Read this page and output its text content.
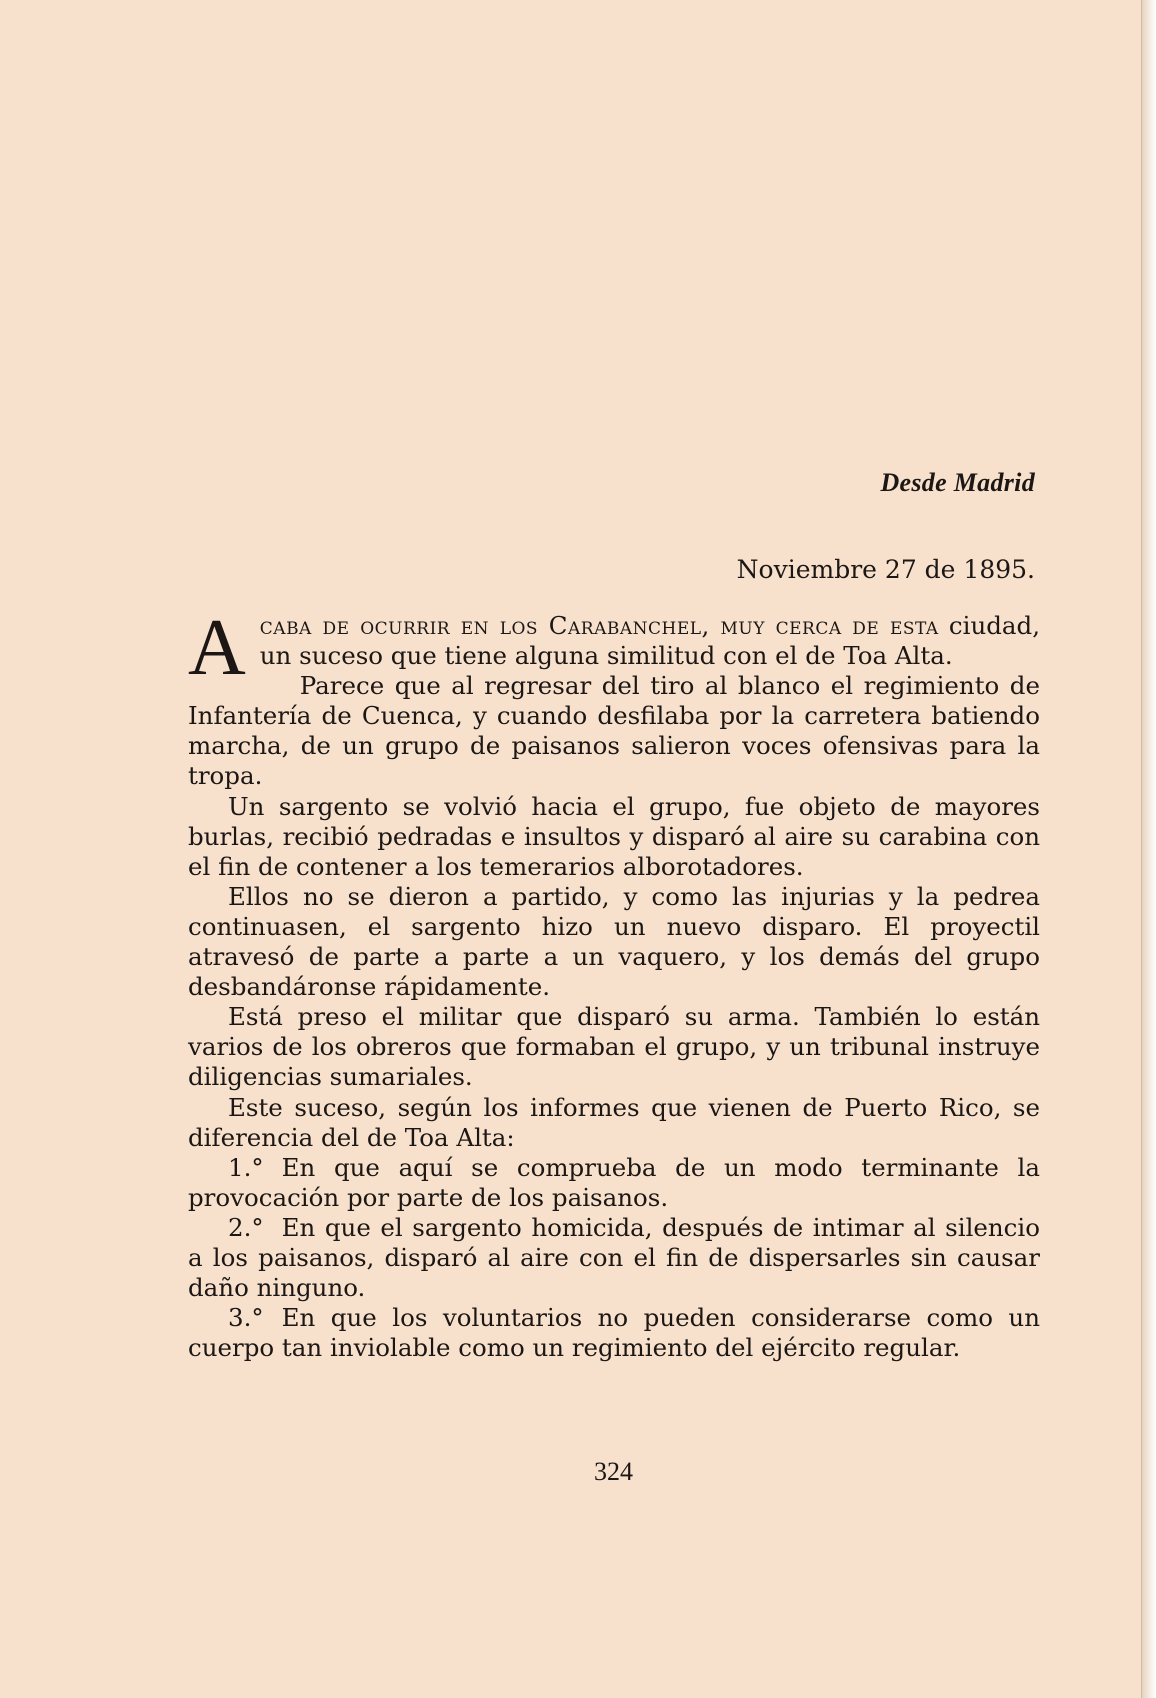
Desde Madrid
Noviembre 27 de 1895.

Acaba de ocurrir en los Carabanchel, muy cerca de esta ciudad, un suceso que tiene alguna similitud con el de Toa Alta.

Parece que al regresar del tiro al blanco el regimiento de Infantería de Cuenca, y cuando desfilaba por la carretera batiendo marcha, de un grupo de paisanos salieron voces ofensivas para la tropa.

Un sargento se volvió hacia el grupo, fue objeto de mayores burlas, recibió pedradas e insultos y disparó al aire su carabina con el fin de contener a los temerarios alborotadores.

Ellos no se dieron a partido, y como las injurias y la pedrea continuasen, el sargento hizo un nuevo disparo. El proyectil atravesó de parte a parte a un vaquero, y los demás del grupo desbandáronse rápidamente.

Está preso el militar que disparó su arma. También lo están varios de los obreros que formaban el grupo, y un tribunal instruye diligencias sumariales.

Este suceso, según los informes que vienen de Puerto Rico, se diferencia del de Toa Alta:

1.° En que aquí se comprueba de un modo terminante la provocación por parte de los paisanos.

2.° En que el sargento homicida, después de intimar al silencio a los paisanos, disparó al aire con el fin de dispersarles sin causar daño ninguno.

3.° En que los voluntarios no pueden considerarse como un cuerpo tan inviolable como un regimiento del ejército regular.

324
